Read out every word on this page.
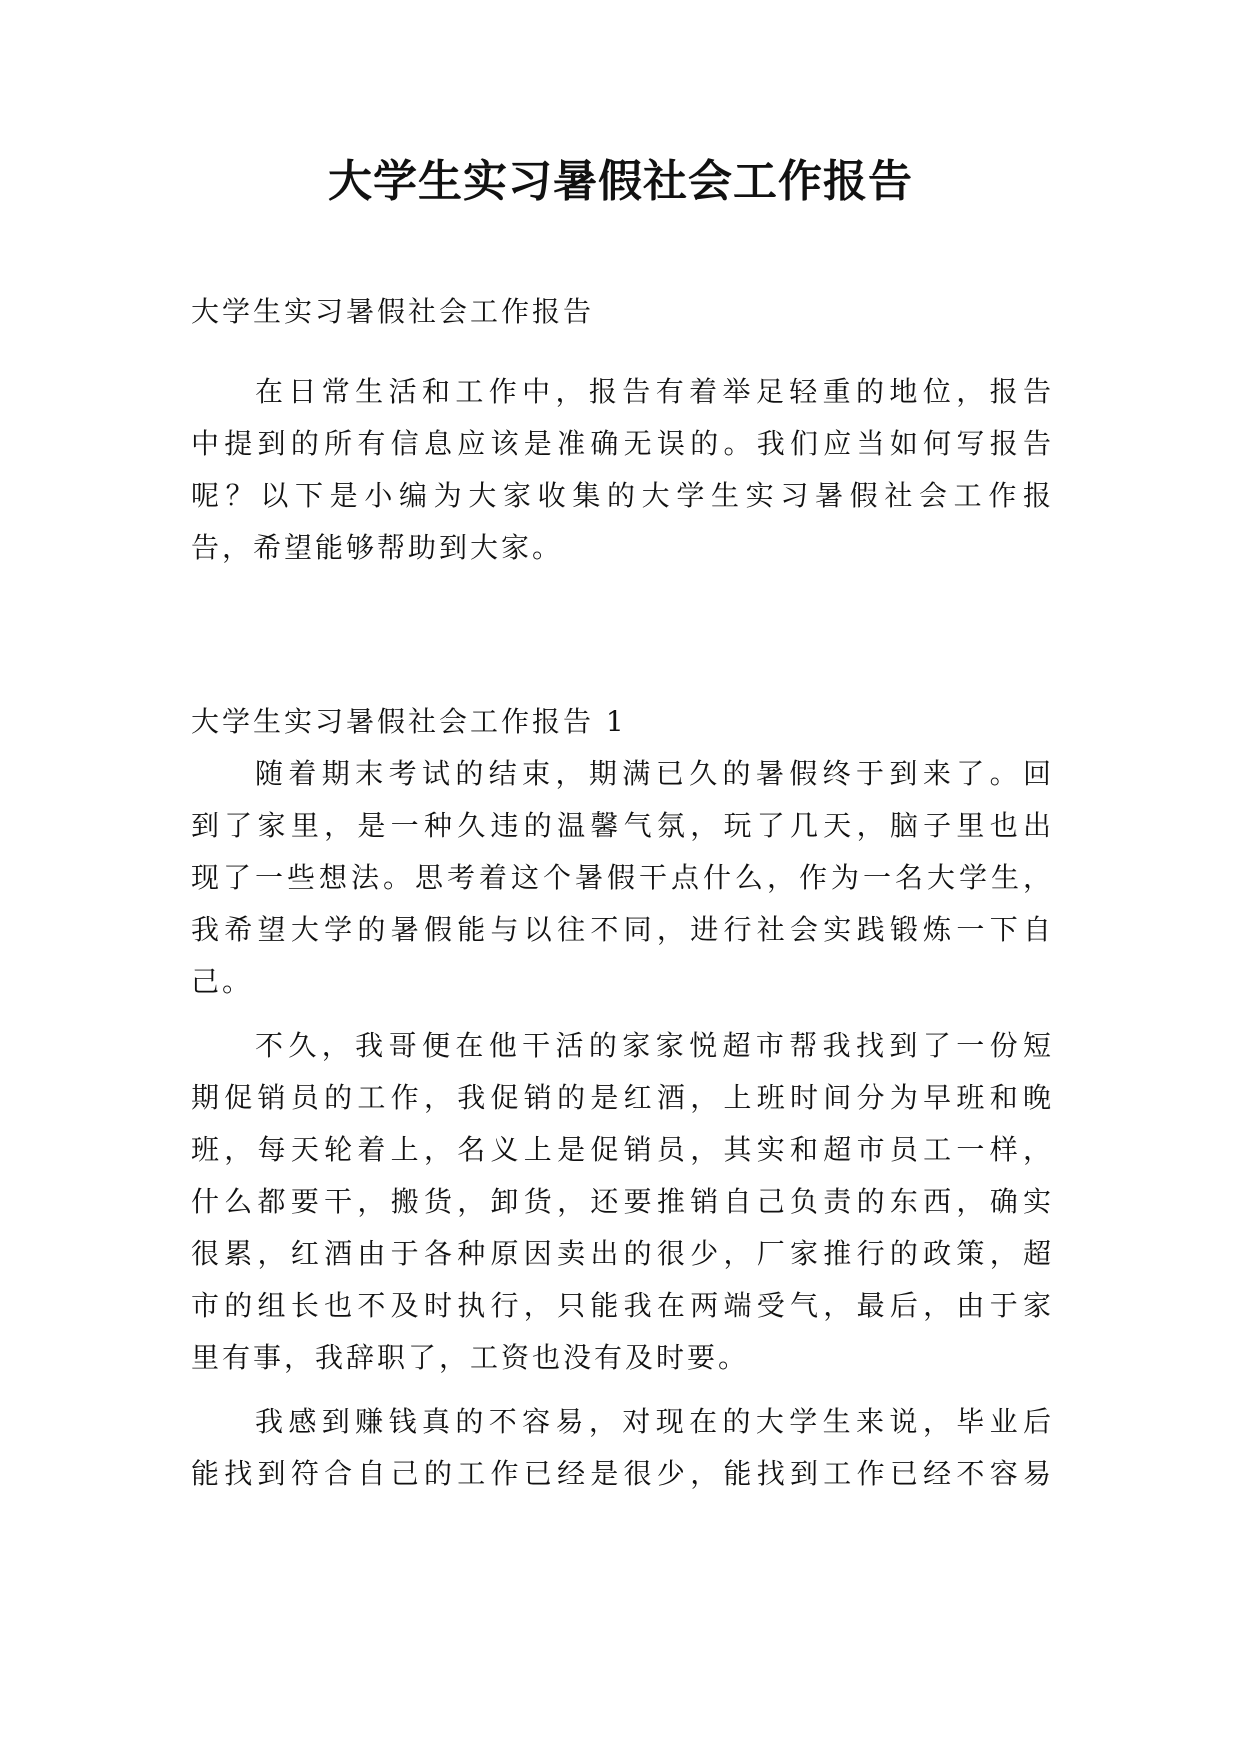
大学生实习暑假社会工作报告

大学生实习暑假社会工作报告

在日常生活和工作中，报告有着举足轻重的地位，报告

中提到的所有信息应该是准确无误的。我们应当如何写报告

呢？以下是小编为大家收集的大学生实习暑假社会工作报

告，希望能够帮助到大家。

大学生实习暑假社会工作报告 1

随着期末考试的结束，期满已久的暑假终于到来了。回

到了家里，是一种久违的温馨气氛，玩了几天，脑子里也出

现了一些想法。思考着这个暑假干点什么，作为一名大学生，

我希望大学的暑假能与以往不同，进行社会实践锻炼一下自

己。

不久，我哥便在他干活的家家悦超市帮我找到了一份短

期促销员的工作，我促销的是红酒，上班时间分为早班和晚

班，每天轮着上，名义上是促销员，其实和超市员工一样，

什么都要干，搬货，卸货，还要推销自己负责的东西，确实

很累，红酒由于各种原因卖出的很少，厂家推行的政策，超

市的组长也不及时执行，只能我在两端受气，最后，由于家

里有事，我辞职了，工资也没有及时要。

我感到赚钱真的不容易，对现在的大学生来说，毕业后

能找到符合自己的工作已经是很少，能找到工作已经不容易
